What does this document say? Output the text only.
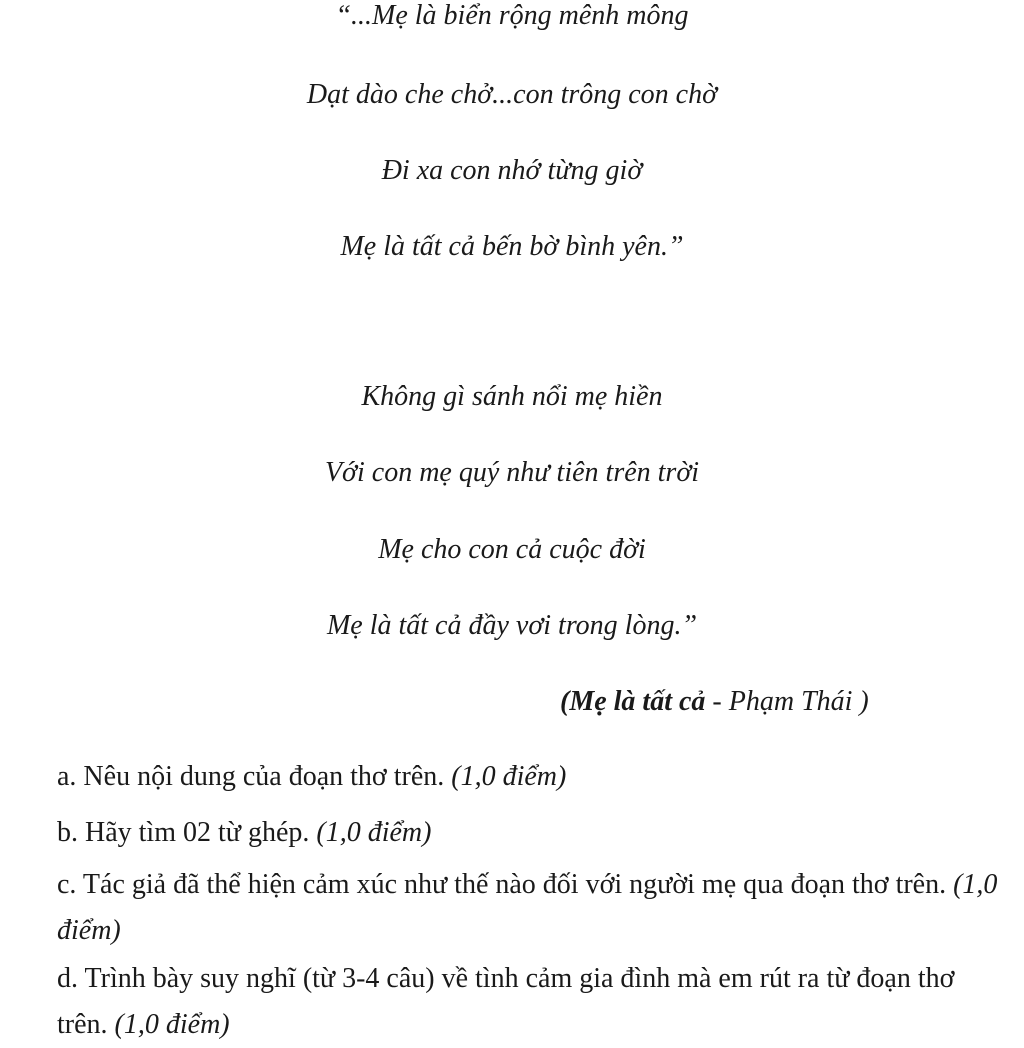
“...Mẹ là biển rộng mênh mông
Dạt dào che chở...con trông con chờ
Đi xa con nhớ từng giờ
Mẹ là tất cả bến bờ bình yên.”
Không gì sánh nổi mẹ hiền
Với con mẹ quý như tiên trên trời
Mẹ cho con cả cuộc đời
Mẹ là tất cả đầy vơi trong lòng.”
(Mẹ là tất cả - Phạm Thái )
a. Nêu nội dung của đoạn thơ trên. (1,0 điểm)
b. Hãy tìm 02 từ ghép. (1,0 điểm)
c. Tác giả đã thể hiện cảm xúc như thế nào đối với người mẹ qua đoạn thơ trên. (1,0 điểm)
d. Trình bày suy nghĩ (từ 3-4 câu) về tình cảm gia đình mà em rút ra từ đoạn thơ trên. (1,0 điểm)
